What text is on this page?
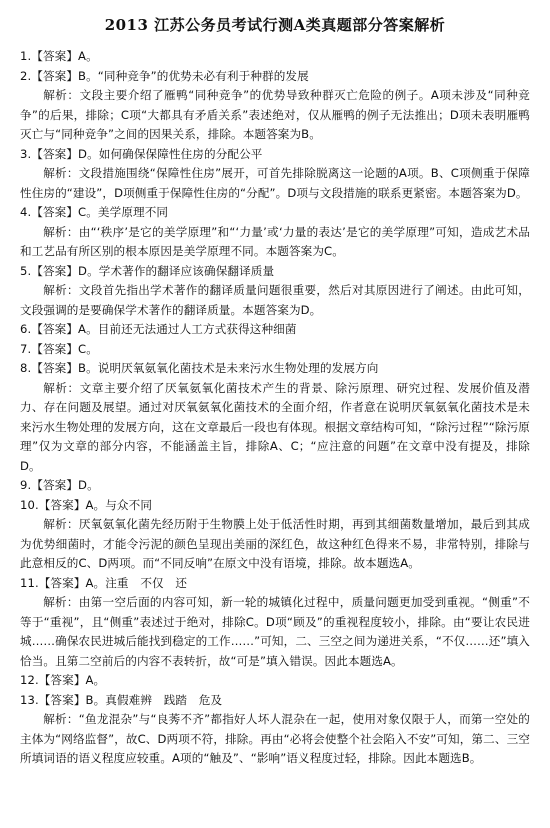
2013 江苏公务员考试行测A类真题部分答案解析
1.【答案】A。
2.【答案】B。“同种竞争”的优势未必有利于种群的发展
解析：文段主要介绍了雁鸭“同种竞争”的优势导致种群灭亡危险的例子。A项未涉及“同种竞争”的后果，排除；C项“大都具有矛盾关系”表述绝对，仅从雁鸭的例子无法推出；D项未表明雁鸭灭亡与“同种竞争”之间的因果关系，排除。本题答案为B。
3.【答案】D。如何确保保障性住房的分配公平
解析：文段措施围绕“保障性住房”展开，可首先排除脱离这一论题的A项。B、C项侧重于保障性住房的“建设”，D项侧重于保障性住房的“分配”。D项与文段措施的联系更紧密。本题答案为D。
4.【答案】C。美学原理不同
解析：由“‘秩序’是它的美学原理”和“‘力量’或‘力量的表达’是它的美学原理”可知，造成艺术品和工艺品有所区别的根本原因是美学原理不同。本题答案为C。
5.【答案】D。学术著作的翻译应该确保翻译质量
解析：文段首先指出学术著作的翻译质量问题很重要，然后对其原因进行了阐述。由此可知，文段强调的是要确保学术著作的翻译质量。本题答案为D。
6.【答案】A。目前还无法通过人工方式获得这种细菌
7.【答案】C。
8.【答案】B。说明厌氧氨氧化菌技术是未来污水生物处理的发展方向
解析：文章主要介绍了厌氧氨氧化菌技术产生的背景、除污原理、研究过程、发展价值及潜力、存在问题及展望。通过对厌氧氨氧化菌技术的全面介绍，作者意在说明厌氧氨氧化菌技术是未来污水生物处理的发展方向，这在文章最后一段也有体现。根据文章结构可知，“除污过程”“除污原理”仅为文章的部分内容，不能涵盖主旨，排除A、C；“应注意的问题”在文章中没有提及，排除D。
9.【答案】D。
10.【答案】A。与众不同
解析：厌氧氨氧化菌先经历附于生物膜上处于低活性时期，再到其细菌数量增加，最后到其成为优势细菌时，才能令污泥的颜色呈现出美丽的深红色，故这种红色得来不易，非常特别，排除与此意相反的C、D两项。而“不同反响”在原文中没有语境，排除。故本题选A。
11.【答案】A。注重　不仅　还
解析：由第一空后面的内容可知，新一轮的城镇化过程中，质量问题更加受到重视。“侧重”不等于“重视”，且“侧重”表述过于绝对，排除C。D项“顾及”的重视程度较小，排除。由“要让农民进城……确保农民进城后能找到稳定的工作……”可知，二、三空之间为递进关系，“不仅……还”填入恰当。且第二空前后的内容不表转折，故“可是”填入错误。因此本题选A。
12.【答案】A。
13.【答案】B。真假难辨　践踏　危及
解析：“鱼龙混杂”与“良莠不齐”都指好人坏人混杂在一起，使用对象仅限于人，而第一空处的主体为“网络监督”，故C、D两项不符，排除。再由“必将会使整个社会陷入不安”可知，第二、三空所填词语的语义程度应较重。A项的“触及”、“影响”语义程度过轻，排除。因此本题选B。
